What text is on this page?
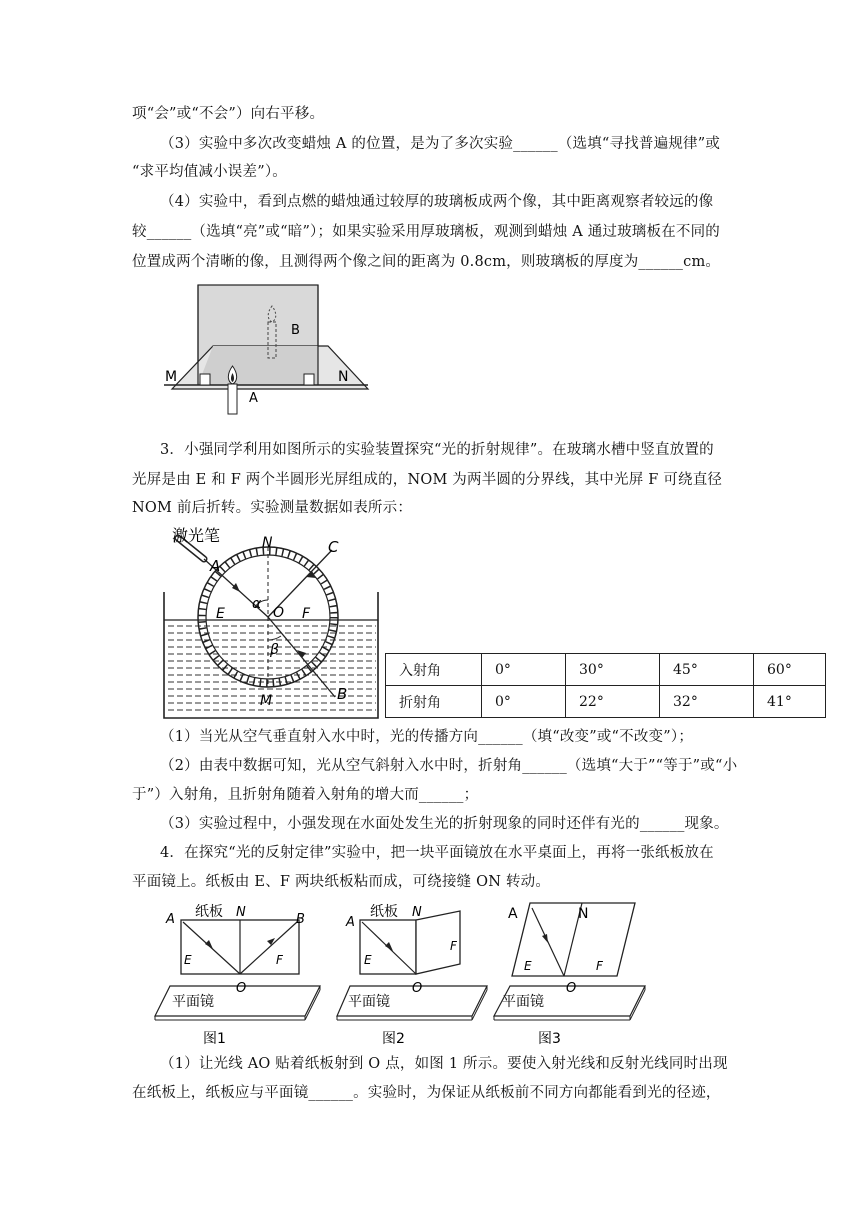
项“会”或“不会”）向右平移。
（3）实验中多次改变蜡烛 A 的位置，是为了多次实验______（选填“寻找普遍规律”或
“求平均值减小误差”）。
（4）实验中，看到点燃的蜡烛通过较厚的玻璃板成两个像，其中距离观察者较远的像
较______（选填“亮”或“暗”）；如果实验采用厚玻璃板，观测到蜡烛 A 通过玻璃板在不同的
位置成两个清晰的像，且测得两个像之间的距离为 0.8cm，则玻璃板的厚度为______cm。
M	N
A
B
3．小强同学利用如图所示的实验装置探究“光的折射规律”。在玻璃水槽中竖直放置的
光屏是由 E 和 F 两个半圆形光屏组成的，NOM 为两半圆的分界线，其中光屏 F 可绕直径
NOM 前后折转。实验测量数据如表所示：
激光笔	N	C
A
E
α
O F
β
M	B
入射角	0°	30°	45°	60°
折射角	0°	22°	32°	41°
（1）当光从空气垂直射入水中时，光的传播方向______（填“改变”或“不改变”）；
（2）由表中数据可知，光从空气斜射入水中时，折射角______（选填“大于”“等于”或“小
于”）入射角，且折射角随着入射角的增大而______；
（3）实验过程中，小强发现在水面处发生光的折射现象的同时还伴有光的______现象。
4．在探究“光的反射定律”实验中，把一块平面镜放在水平桌面上，再将一张纸板放在
平面镜上。纸板由 E、F 两块纸板粘而成，可绕接缝 ON 转动。
A 纸板 N	B
E	F
O
平面镜
图1
A
纸板 N
E
F
O
平面镜
图2
A	N
E	F
O
平面镜
图3
（1）让光线 AO 贴着纸板射到 O 点，如图 1 所示。要使入射光线和反射光线同时出现
在纸板上，纸板应与平面镜______。实验时，为保证从纸板前不同方向都能看到光的径迹，
